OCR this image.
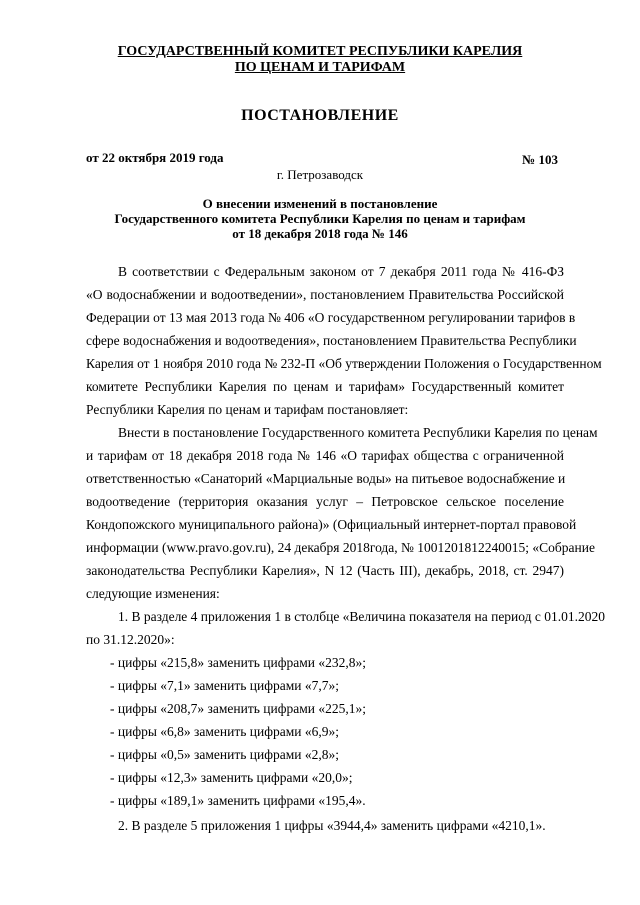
ГОСУДАРСТВЕННЫЙ КОМИТЕТ РЕСПУБЛИКИ КАРЕЛИЯ
ПО ЦЕНАМ И ТАРИФАМ
ПОСТАНОВЛЕНИЕ
от 22 октября 2019 года	№ 103
г. Петрозаводск
О внесении изменений в постановление
Государственного комитета Республики Карелия по ценам и тарифам
от 18 декабря 2018 года № 146
В соответствии с Федеральным законом от 7 декабря 2011 года № 416-ФЗ
«О водоснабжении и водоотведении», постановлением Правительства Российской
Федерации от 13 мая 2013 года № 406 «О государственном регулировании тарифов в
сфере водоснабжения и водоотведения», постановлением Правительства Республики
Карелия от 1 ноября 2010 года № 232-П «Об утверждении Положения о Государственном
комитете Республики Карелия по ценам и тарифам» Государственный комитет
Республики Карелия по ценам и тарифам постановляет:
Внести в постановление Государственного комитета Республики Карелия по ценам
и тарифам от 18 декабря 2018 года № 146 «О тарифах общества с ограниченной
ответственностью «Санаторий «Марциальные воды» на питьевое водоснабжение и
водоотведение (территория оказания услуг – Петровское сельское поселение
Кондопожского муниципального района)» (Официальный интернет-портал правовой
информации (www.pravo.gov.ru), 24 декабря 2018года, № 1001201812240015; «Собрание
законодательства Республики Карелия», N 12 (Часть III), декабрь, 2018, ст. 2947)
следующие изменения:
1. В разделе 4 приложения 1 в столбце «Величина показателя на период с 01.01.2020
по 31.12.2020»:
- цифры «215,8» заменить цифрами «232,8»;
- цифры «7,1» заменить цифрами «7,7»;
- цифры «208,7» заменить цифрами «225,1»;
- цифры «6,8» заменить цифрами «6,9»;
- цифры «0,5» заменить цифрами «2,8»;
- цифры «12,3» заменить цифрами «20,0»;
- цифры «189,1» заменить цифрами «195,4».
2. В разделе 5 приложения 1 цифры «3944,4» заменить цифрами «4210,1».
